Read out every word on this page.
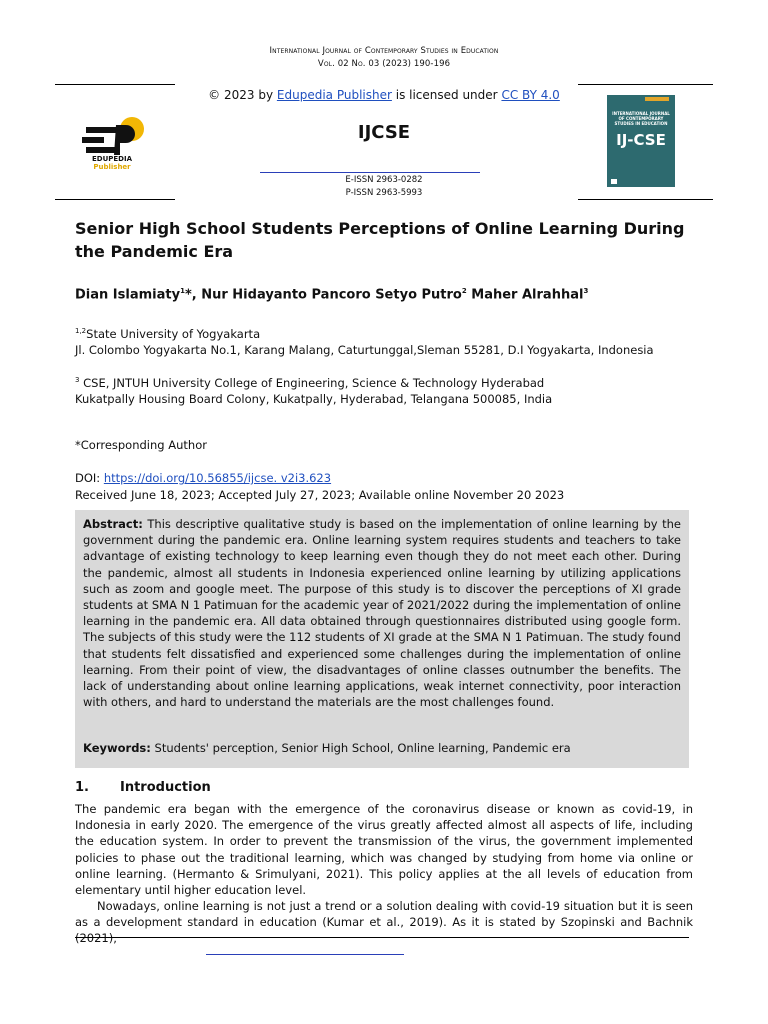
International Journal of Contemporary Studies in Education
Vol. 02 No. 03 (2023) 190-196
© 2023 by Edupedia Publisher is licensed under CC BY 4.0
EDUPEDIA
Publisher
IJCSE
INTERNATIONAL JOURNAL OF CONTEMPORARY STUDIES IN EDUCATION
IJ-CSE
E-ISSN 2963-0282
P-ISSN 2963-5993
Senior High School Students Perceptions of Online Learning During the Pandemic Era
Dian Islamiaty$^1$*, Nur Hidayanto Pancoro Setyo Putro$^2$ Maher Alrahhal$^3$
$^{1,2}$State University of Yogyakarta
Jl. Colombo Yogyakarta No.1, Karang Malang, Caturtunggal,Sleman 55281, D.I Yogyakarta, Indonesia
$^3$ CSE, JNTUH University College of Engineering, Science & Technology Hyderabad
Kukatpally Housing Board Colony, Kukatpally, Hyderabad, Telangana 500085, India
*Corresponding Author
DOI: https://doi.org/10.56855/ijcse. v2i3.623
Received June 18, 2023; Accepted July 27, 2023; Available online November 20 2023
Abstract: This descriptive qualitative study is based on the implementation of online learning by the government during the pandemic era. Online learning system requires students and teachers to take advantage of existing technology to keep learning even though they do not meet each other. During the pandemic, almost all students in Indonesia experienced online learning by utilizing applications such as zoom and google meet. The purpose of this study is to discover the perceptions of XI grade students at SMA N 1 Patimuan for the academic year of 2021/2022 during the implementation of online learning in the pandemic era. All data obtained through questionnaires distributed using google form. The subjects of this study were the 112 students of XI grade at the SMA N 1 Patimuan. The study found that students felt dissatisfied and experienced some challenges during the implementation of online learning. From their point of view, the disadvantages of online classes outnumber the benefits. The lack of understanding about online learning applications, weak internet connectivity, poor interaction with others, and hard to understand the materials are the most challenges found.
Keywords: Students' perception, Senior High School, Online learning, Pandemic era
1. Introduction
The pandemic era began with the emergence of the coronavirus disease or known as covid-19, in Indonesia in early 2020. The emergence of the virus greatly affected almost all aspects of life, including the education system. In order to prevent the transmission of the virus, the government implemented policies to phase out the traditional learning, which was changed by studying from home via online or online learning. (Hermanto & Srimulyani, 2021). This policy applies at the all levels of education from elementary until higher education level.
Nowadays, online learning is not just a trend or a solution dealing with covid-19 situation but it is seen as a development standard in education (Kumar et al., 2019). As it is stated by Szopinski and Bachnik (2021),
